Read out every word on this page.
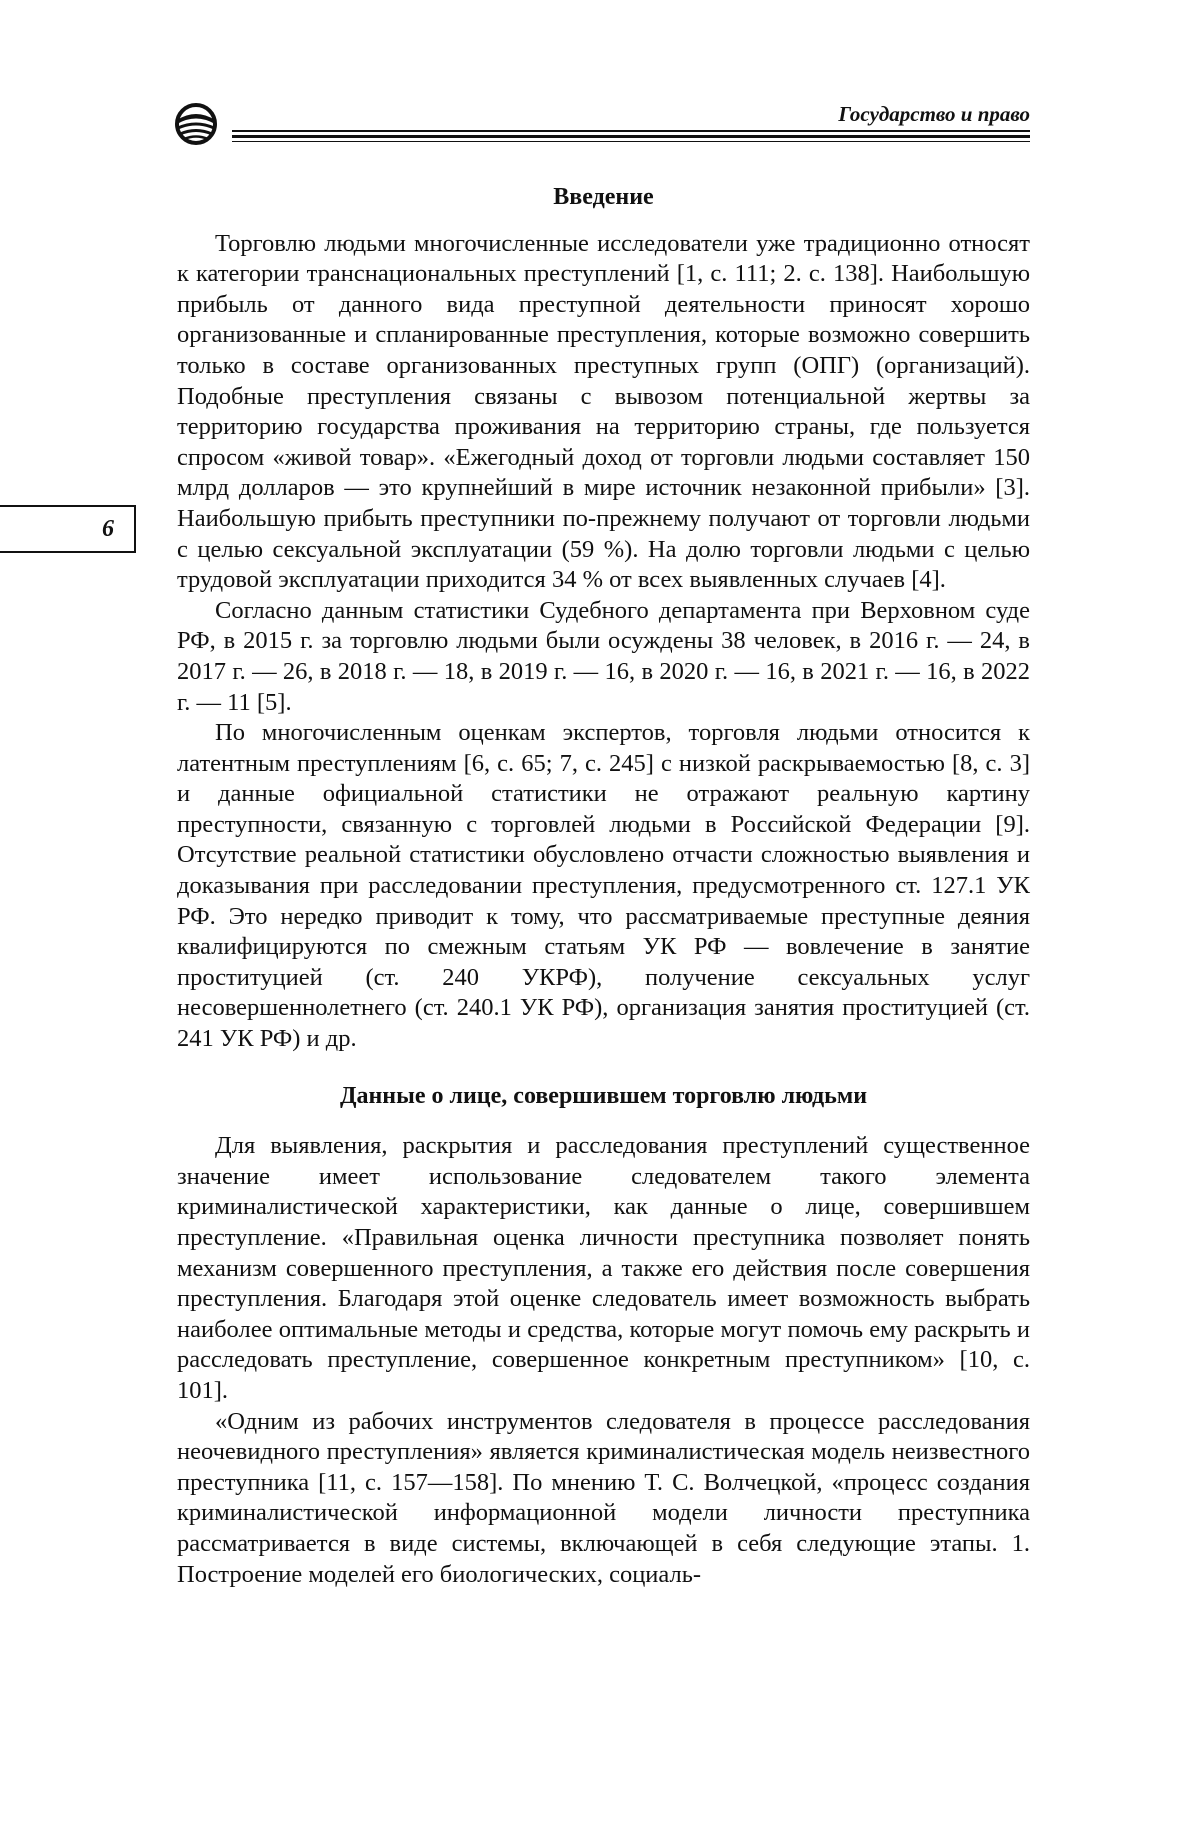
Государство и право
6
Введение

Торговлю людьми многочисленные исследователи уже традиционно относят к категории транснациональных преступлений [1, с. 111; 2. с. 138]. Наибольшую прибыль от данного вида преступной деятельности приносят хорошо организованные и спланированные преступления, которые возможно совершить только в составе организованных преступных групп (ОПГ) (организаций). Подобные преступления связаны с вывозом потенциальной жертвы за территорию государства проживания на территорию страны, где пользуется спросом «живой товар». «Ежегодный доход от торговли людьми составляет 150 млрд долларов — это крупнейший в мире источник незаконной прибыли» [3]. Наибольшую прибыть преступники по-прежнему получают от торговли людьми с целью сексуальной эксплуатации (59 %). На долю торговли людьми с целью трудовой эксплуатации приходится 34 % от всех выявленных случаев [4].

Согласно данным статистики Судебного департамента при Верховном суде РФ, в 2015 г. за торговлю людьми были осуждены 38 человек, в 2016 г. — 24, в 2017 г. — 26, в 2018 г. — 18, в 2019 г. — 16, в 2020 г. — 16, в 2021 г. — 16, в 2022 г. — 11 [5].

По многочисленным оценкам экспертов, торговля людьми относится к латентным преступлениям [6, с. 65; 7, с. 245] с низкой раскрываемостью [8, с. 3] и данные официальной статистики не отражают реальную картину преступности, связанную с торговлей людьми в Российской Федерации [9]. Отсутствие реальной статистики обусловлено отчасти сложностью выявления и доказывания при расследовании преступления, предусмотренного ст. 127.1 УК РФ. Это нередко приводит к тому, что рассматриваемые преступные деяния квалифицируются по смежным статьям УК РФ — вовлечение в занятие проституцией (ст. 240 УКРФ), получение сексуальных услуг несовершеннолетнего (ст. 240.1 УК РФ), организация занятия проституцией (ст. 241 УК РФ) и др.

Данные о лице, совершившем торговлю людьми

Для выявления, раскрытия и расследования преступлений существенное значение имеет использование следователем такого элемента криминалистической характеристики, как данные о лице, совершившем преступление. «Правильная оценка личности преступника позволяет понять механизм совершенного преступления, а также его действия после совершения преступления. Благодаря этой оценке следователь имеет возможность выбрать наиболее оптимальные методы и средства, которые могут помочь ему раскрыть и расследовать преступление, совершенное конкретным преступником» [10, с. 101].

«Одним из рабочих инструментов следователя в процессе расследования неочевидного преступления» является криминалистическая модель неизвестного преступника [11, с. 157—158]. По мнению Т. С. Волчецкой, «процесс создания криминалистической информационной модели личности преступника рассматривается в виде системы, включающей в себя следующие этапы. 1. Построение моделей его биологических, социаль-
